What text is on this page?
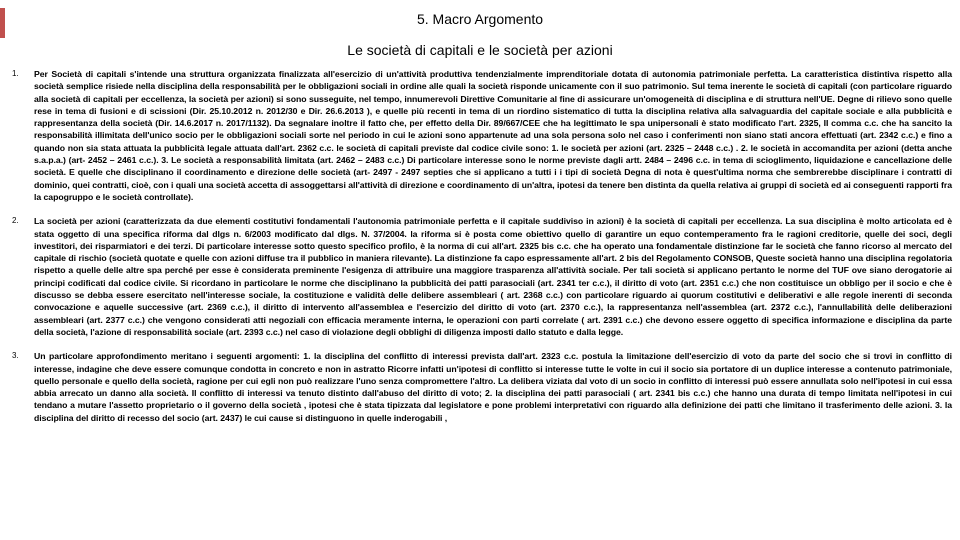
5. Macro Argomento
Le società di capitali e le società per azioni
1.	Per Società di capitali s'intende una struttura organizzata finalizzata all'esercizio di un'attività produttiva tendenzialmente imprenditoriale dotata di autonomia patrimoniale perfetta. La caratteristica distintiva rispetto alla società semplice risiede nella disciplina della responsabilità per le obbligazioni sociali in ordine alle quali la società risponde unicamente con il suo patrimonio. Sul tema inerente le società di capitali (con particolare riguardo alla società di capitali per eccellenza, la società per azioni) si sono susseguite, nel tempo, innumerevoli Direttive Comunitarie al fine di assicurare un'omogeneità di disciplina e di struttura nell'UE. Degne di rilievo sono quelle rese in tema di fusioni e di scissioni (Dir. 25.10.2012 n. 2012/30 e Dir. 26.6.2013 ), e quelle più recenti in tema di un riordino sistematico di tutta la disciplina relativa alla salvaguardia del capitale sociale e alla pubblicità e rappresentanza della società (Dir. 14.6.2017 n. 2017/1132). Da segnalare inoltre il fatto che, per effetto della Dir. 89/667/CEE che ha legittimato le spa unipersonali è stato modificato l'art. 2325, II comma c.c. che ha sancito la responsabilità illimitata dell'unico socio per le obbligazioni sociali sorte nel periodo in cui le azioni sono appartenute ad una sola persona solo nel caso i conferimenti non siano stati ancora effettuati (art. 2342 c.c.) e fino a quando non sia stata attuata la pubblicità legale attuata dall'art. 2362 c.c. le società di capitali previste dal codice civile sono: 1. le società per azioni (art. 2325 – 2448 c.c.) . 2. le società in accomandita per azioni (detta anche s.a.p.a.) (art- 2452 – 2461 c.c.). 3. Le società a responsabilità limitata (art. 2462 – 2483 c.c.) Di particolare interesse sono le norme previste dagli artt. 2484 – 2496 c.c. in tema di scioglimento, liquidazione e cancellazione delle società. E quelle che disciplinano il coordinamento e direzione delle società (art- 2497 - 2497 septies che si applicano a tutti i i tipi di società Degna di nota è quest'ultima norma che sembrerebbe disciplinare i contratti di dominio, quei contratti, cioè, con i quali una società accetta di assoggettarsi all'attività di direzione e coordinamento di un'altra, ipotesi da tenere ben distinta da quella relativa ai gruppi di società ed ai conseguenti rapporti fra la capogruppo e le società controllate).
2.	La società per azioni (caratterizzata da due elementi costitutivi fondamentali l'autonomia patrimoniale perfetta e il capitale suddiviso in azioni) è la società di capitali per eccellenza. La sua disciplina è molto articolata ed è stata oggetto di una specifica riforma dal dlgs n. 6/2003 modificato dal dlgs. N. 37/2004. la riforma si è posta come obiettivo quello di garantire un equo contemperamento fra le ragioni creditorie, quelle dei soci, degli investitori, dei risparmiatori e dei terzi. Di particolare interesse sotto questo specifico profilo, è la norma di cui all'art. 2325 bis c.c. che ha operato una fondamentale distinzione far le società che fanno ricorso al mercato del capitale di rischio (società quotate e quelle con azioni diffuse tra il pubblico in maniera rilevante). La distinzione fa capo espressamente all'art. 2 bis del Regolamento CONSOB, Queste società hanno una disciplina regolatoria rispetto a quelle delle altre spa perché per esse è considerata preminente l'esigenza di attribuire una maggiore trasparenza all'attività sociale. Per tali società si applicano pertanto le norme del TUF ove siano derogatorie ai principi codificati dal codice civile. Si ricordano in particolare le norme che disciplinano la pubblicità dei patti parasociali (art. 2341 ter c.c.), il diritto di voto (art. 2351 c.c.) che non costituisce un obbligo per il socio e che è discusso se debba essere esercitato nell'interesse sociale, la costituzione e validità delle delibere assembleari ( art. 2368 c.c.) con particolare riguardo ai quorum costitutivi e deliberativi e alle regole inerenti di seconda convocazione e aquelle successive (art. 2369 c.c.), il diritto di intervento all'assemblea e l'esercizio del diritto di voto (art. 2370 c.c.), la rappresentanza nell'assemblea (art. 2372 c.c.), l'annullabilità delle deliberazioni assembleari (art. 2377 c.c.) che vengono considerati atti negoziali con efficacia meramente interna, le operazioni con parti correlate ( art. 2391 c.c.) che devono essere oggetto di specifica informazione e disciplina da parte della società, l'azione di responsabilità sociale (art. 2393 c.c.) nel caso di violazione degli obblighi di diligenza imposti dallo statuto e dalla legge.
3.	Un particolare approfondimento meritano i seguenti argomenti: 1. la disciplina del conflitto di interessi prevista dall'art. 2323 c.c. postula la limitazione dell'esercizio di voto da parte del socio che si trovi in conflitto di interesse, indagine che deve essere comunque condotta in concreto e non in astratto Ricorre infatti un'ipotesi di conflitto si interesse tutte le volte in cui il socio sia portatore di un duplice interesse a contenuto patrimoniale, quello personale e quello della società, ragione per cui egli non può realizzare l'uno senza compromettere l'altro. La delibera viziata dal voto di un socio in conflitto di interessi può essere annullata solo nell'ipotesi in cui essa abbia arrecato un danno alla società. Il conflitto di interessi va tenuto distinto dall'abuso del diritto di voto; 2. la disciplina dei patti parasociali ( art. 2341 bis c.c.) che hanno una durata di tempo limitata nell'ipotesi in cui tendano a mutare l'assetto proprietario o il governo della società , ipotesi che è stata tipizzata dal legislatore e pone problemi interpretativi con riguardo alla definizione dei patti che limitano il trasferimento delle azioni. 3. la disciplina del diritto di recesso del socio (art. 2437) le cui cause si distinguono in quelle inderogabili ,
